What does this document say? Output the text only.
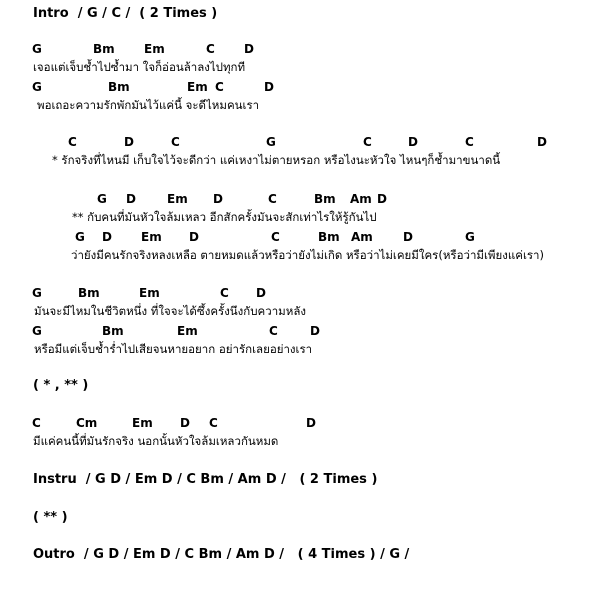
Intro  / G / C /  ( 2 Times )

G

	Bm

Em

	C

D

เจอแต่เจ็บช้ำไปซ้ำมา ใจก็อ่อนล้าลงไปทุกที

G

	Bm

	Em

C

	D

พอเถอะความรักพักมันไว้แค่นี้ จะดีไหมคนเรา

C

	D

	C

	G

	C

	D

	C

	D

* รักจริงที่ไหนมี เก็บใจไว้จะดีกว่า แค่เหงาไม่ตายหรอก หรือไงนะหัวใจ ไหนๆก็ช้ำมาขนาดนี้

G

D

	Em

D

	C

	Bm

Am

D

** กับคนที่มันหัวใจล้มเหลว อีกสักครั้งมันจะสักเท่าไรให้รู้กันไป

G

D

Em

D

	C

	Bm

Am

	D

	G

ว่ายังมีคนรักจริงหลงเหลือ ตายหมดแล้วหรือว่ายังไม่เกิด หรือว่าไม่เคยมีใคร(หรือว่ามีเพียงแค่เรา)

G

	Bm

	Em

	C

D

มันจะมีไหมในชีวิตหนึ่ง ที่ใจจะได้ซึ้งครั้งนึงกับความหลัง

G

	Bm

	Em

	C

	D

หรือมีแต่เจ็บช้ำร่ำไปเสียจนหายอยาก อย่ารักเลยอย่างเรา
( * , ** )

C

	Cm

	Em

D

C

	D

มีแค่คนนี้ที่มันรักจริง นอกนั้นหัวใจล้มเหลวกันหมด
Instru  / G D / Em D / C Bm / Am D /   ( 2 Times )
( ** )
Outro  / G D / Em D / C Bm / Am D /   ( 4 Times ) / G /
